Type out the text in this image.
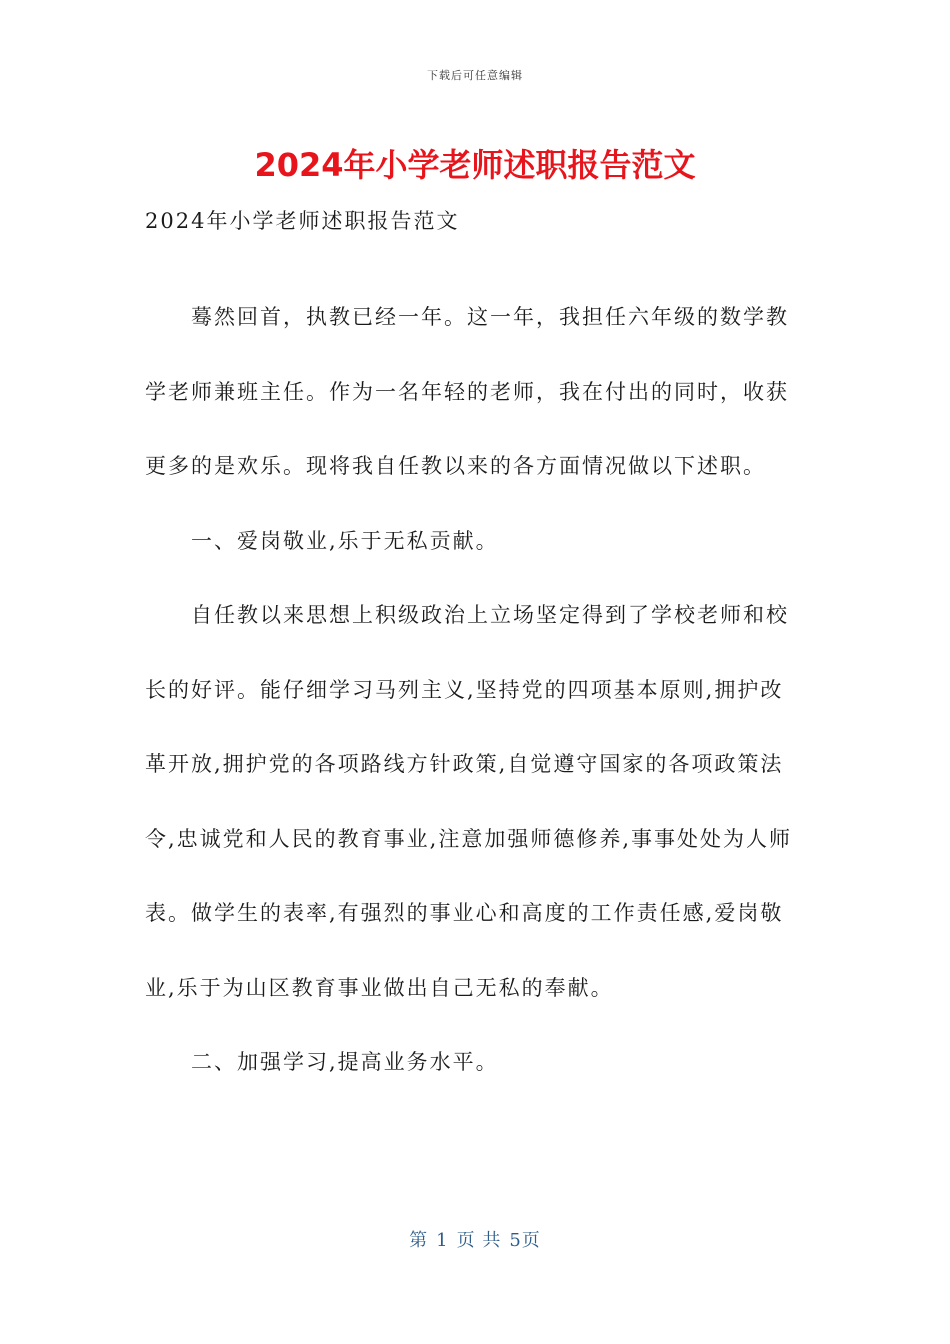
下载后可任意编辑
2024年小学老师述职报告范文
2024年小学老师述职报告范文

蓦然回首，执教已经一年。这一年，我担任六年级的数学教学老师兼班主任。作为一名年轻的老师，我在付出的同时，收获更多的是欢乐。现将我自任教以来的各方面情况做以下述职。

一、爱岗敬业,乐于无私贡献。

自任教以来思想上积级政治上立场坚定得到了学校老师和校长的好评。能仔细学习马列主义,坚持党的四项基本原则,拥护改革开放,拥护党的各项路线方针政策,自觉遵守国家的各项政策法令,忠诚党和人民的教育事业,注意加强师德修养,事事处处为人师表。做学生的表率,有强烈的事业心和高度的工作责任感,爱岗敬业,乐于为山区教育事业做出自己无私的奉献。

二、加强学习,提高业务水平。

第 1 页 共 5页
